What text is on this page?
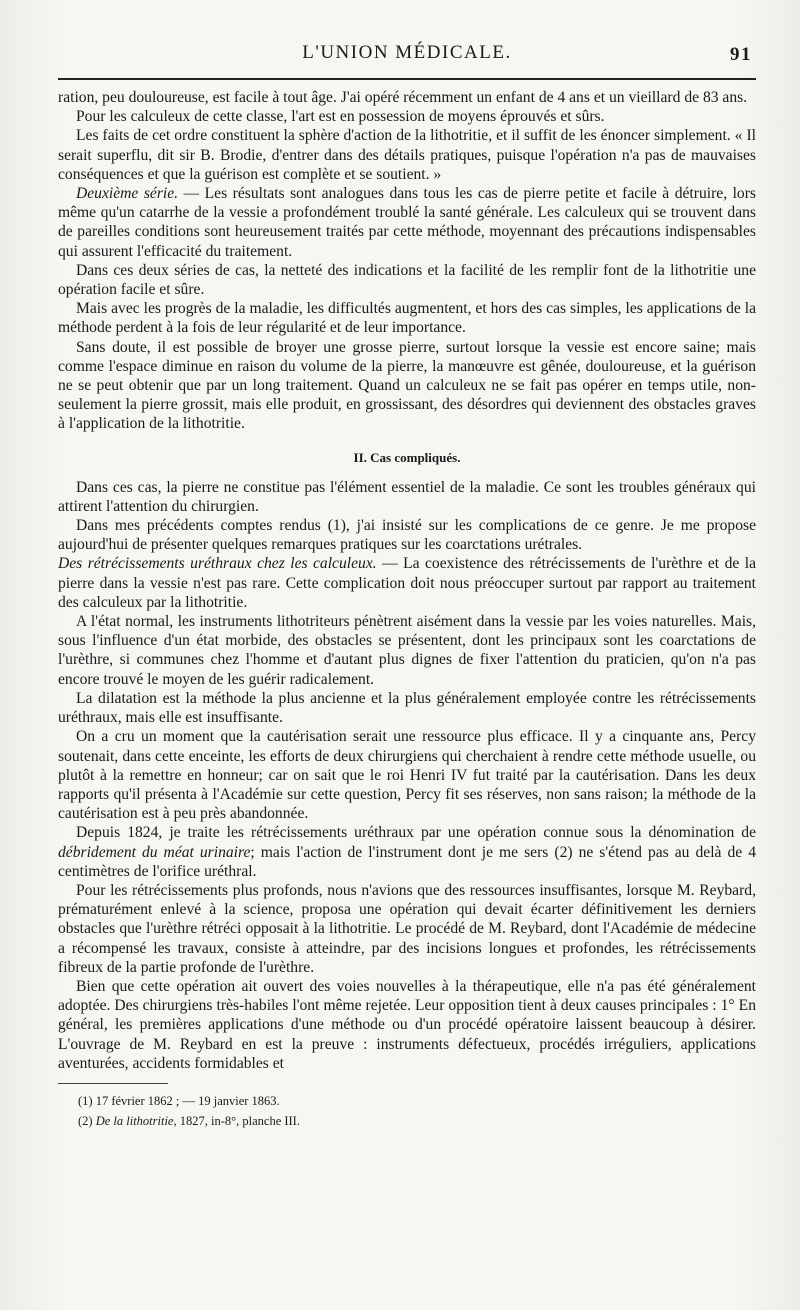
L'UNION MÉDICALE.	91

ration, peu douloureuse, est facile à tout âge. J'ai opéré récemment un enfant de 4 ans et un vieillard de 83 ans.

Pour les calculeux de cette classe, l'art est en possession de moyens éprouvés et sûrs.

Les faits de cet ordre constituent la sphère d'action de la lithotritie, et il suffit de les énoncer simplement. « Il serait superflu, dit sir B. Brodie, d'entrer dans des détails pratiques, puisque l'opération n'a pas de mauvaises conséquences et que la guérison est complète et se soutient. »

Deuxième série. — Les résultats sont analogues dans tous les cas de pierre petite et facile à détruire, lors même qu'un catarrhe de la vessie a profondément troublé la santé générale. Les calculeux qui se trouvent dans de pareilles conditions sont heureusement traités par cette méthode, moyennant des précautions indispensables qui assurent l'efficacité du traitement.

Dans ces deux séries de cas, la netteté des indications et la facilité de les remplir font de la lithotritie une opération facile et sûre.

Mais avec les progrès de la maladie, les difficultés augmentent, et hors des cas simples, les applications de la méthode perdent à la fois de leur régularité et de leur importance.

Sans doute, il est possible de broyer une grosse pierre, surtout lorsque la vessie est encore saine; mais comme l'espace diminue en raison du volume de la pierre, la manœuvre est gênée, douloureuse, et la guérison ne se peut obtenir que par un long traitement. Quand un calculeux ne se fait pas opérer en temps utile, non-seulement la pierre grossit, mais elle produit, en grossissant, des désordres qui deviennent des obstacles graves à l'application de la lithotritie.

II. Cas compliqués.

Dans ces cas, la pierre ne constitue pas l'élément essentiel de la maladie. Ce sont les troubles généraux qui attirent l'attention du chirurgien.

Dans mes précédents comptes rendus (1), j'ai insisté sur les complications de ce genre. Je me propose aujourd'hui de présenter quelques remarques pratiques sur les coarctations urétrales.

Des rétrécissements uréthraux chez les calculeux. — La coexistence des rétrécissements de l'urèthre et de la pierre dans la vessie n'est pas rare. Cette complication doit nous préoccuper surtout par rapport au traitement des calculeux par la lithotritie.

A l'état normal, les instruments lithotriteurs pénètrent aisément dans la vessie par les voies naturelles. Mais, sous l'influence d'un état morbide, des obstacles se présentent, dont les principaux sont les coarctations de l'urèthre, si communes chez l'homme et d'autant plus dignes de fixer l'attention du praticien, qu'on n'a pas encore trouvé le moyen de les guérir radicalement.

La dilatation est la méthode la plus ancienne et la plus généralement employée contre les rétrécissements uréthraux, mais elle est insuffisante.

On a cru un moment que la cautérisation serait une ressource plus efficace. Il y a cinquante ans, Percy soutenait, dans cette enceinte, les efforts de deux chirurgiens qui cherchaient à rendre cette méthode usuelle, ou plutôt à la remettre en honneur; car on sait que le roi Henri IV fut traité par la cautérisation. Dans les deux rapports qu'il présenta à l'Académie sur cette question, Percy fit ses réserves, non sans raison; la méthode de la cautérisation est à peu près abandonnée.

Depuis 1824, je traite les rétrécissements uréthraux par une opération connue sous la dénomination de débridement du méat urinaire; mais l'action de l'instrument dont je me sers (2) ne s'étend pas au delà de 4 centimètres de l'orifice uréthral.

Pour les rétrécissements plus profonds, nous n'avions que des ressources insuffisantes, lorsque M. Reybard, prématurément enlevé à la science, proposa une opération qui devait écarter définitivement les derniers obstacles que l'urèthre rétréci opposait à la lithotritie. Le procédé de M. Reybard, dont l'Académie de médecine a récompensé les travaux, consiste à atteindre, par des incisions longues et profondes, les rétrécissements fibreux de la partie profonde de l'urèthre.

Bien que cette opération ait ouvert des voies nouvelles à la thérapeutique, elle n'a pas été généralement adoptée. Des chirurgiens très-habiles l'ont même rejetée. Leur opposition tient à deux causes principales : 1° En général, les premières applications d'une méthode ou d'un procédé opératoire laissent beaucoup à désirer. L'ouvrage de M. Reybard en est la preuve : instruments défectueux, procédés irréguliers, applications aventurées, accidents formidables et

(1) 17 février 1862 ; — 19 janvier 1863.

(2) De la lithotritie, 1827, in-8°, planche III.
